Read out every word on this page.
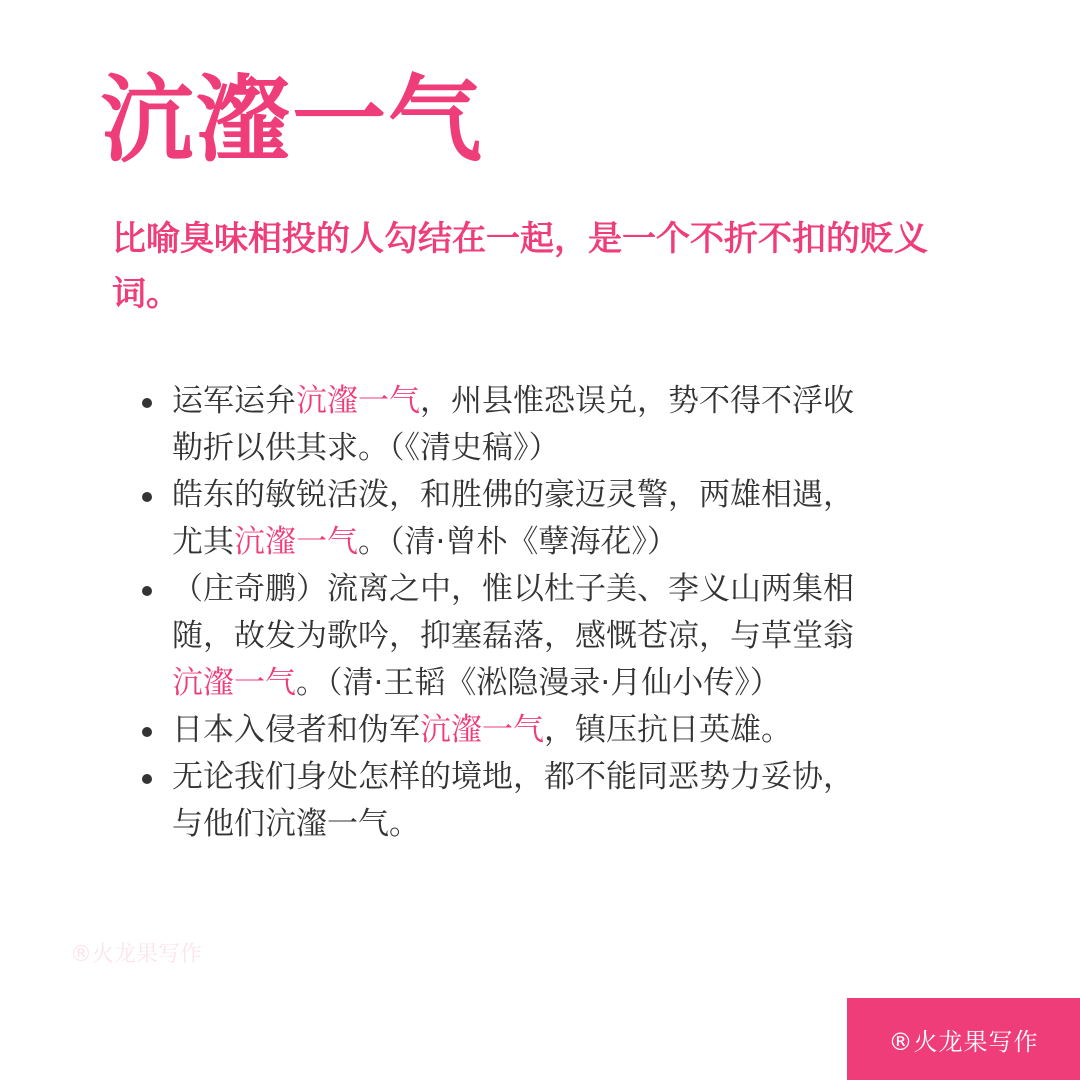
沆瀣一气

比喻臭味相投的人勾结在一起，是一个不折不扣的贬义词。

运军运弁沆瀣一气，州县惟恐误兑，势不得不浮收勒折以供其求。（《清史稿》）
皓东的敏锐活泼，和胜佛的豪迈灵警，两雄相遇，尤其沆瀣一气。（清·曾朴《孽海花》）
（庄奇鹏）流离之中，惟以杜子美、李义山两集相随，故发为歌吟，抑塞磊落，感慨苍凉，与草堂翁沆瀣一气。（清·王韬《淞隐漫录·月仙小传》）
日本入侵者和伪军沆瀣一气，镇压抗日英雄。
无论我们身处怎样的境地，都不能同恶势力妥协，与他们沆瀣一气。
®火龙果写作
®火龙果写作
